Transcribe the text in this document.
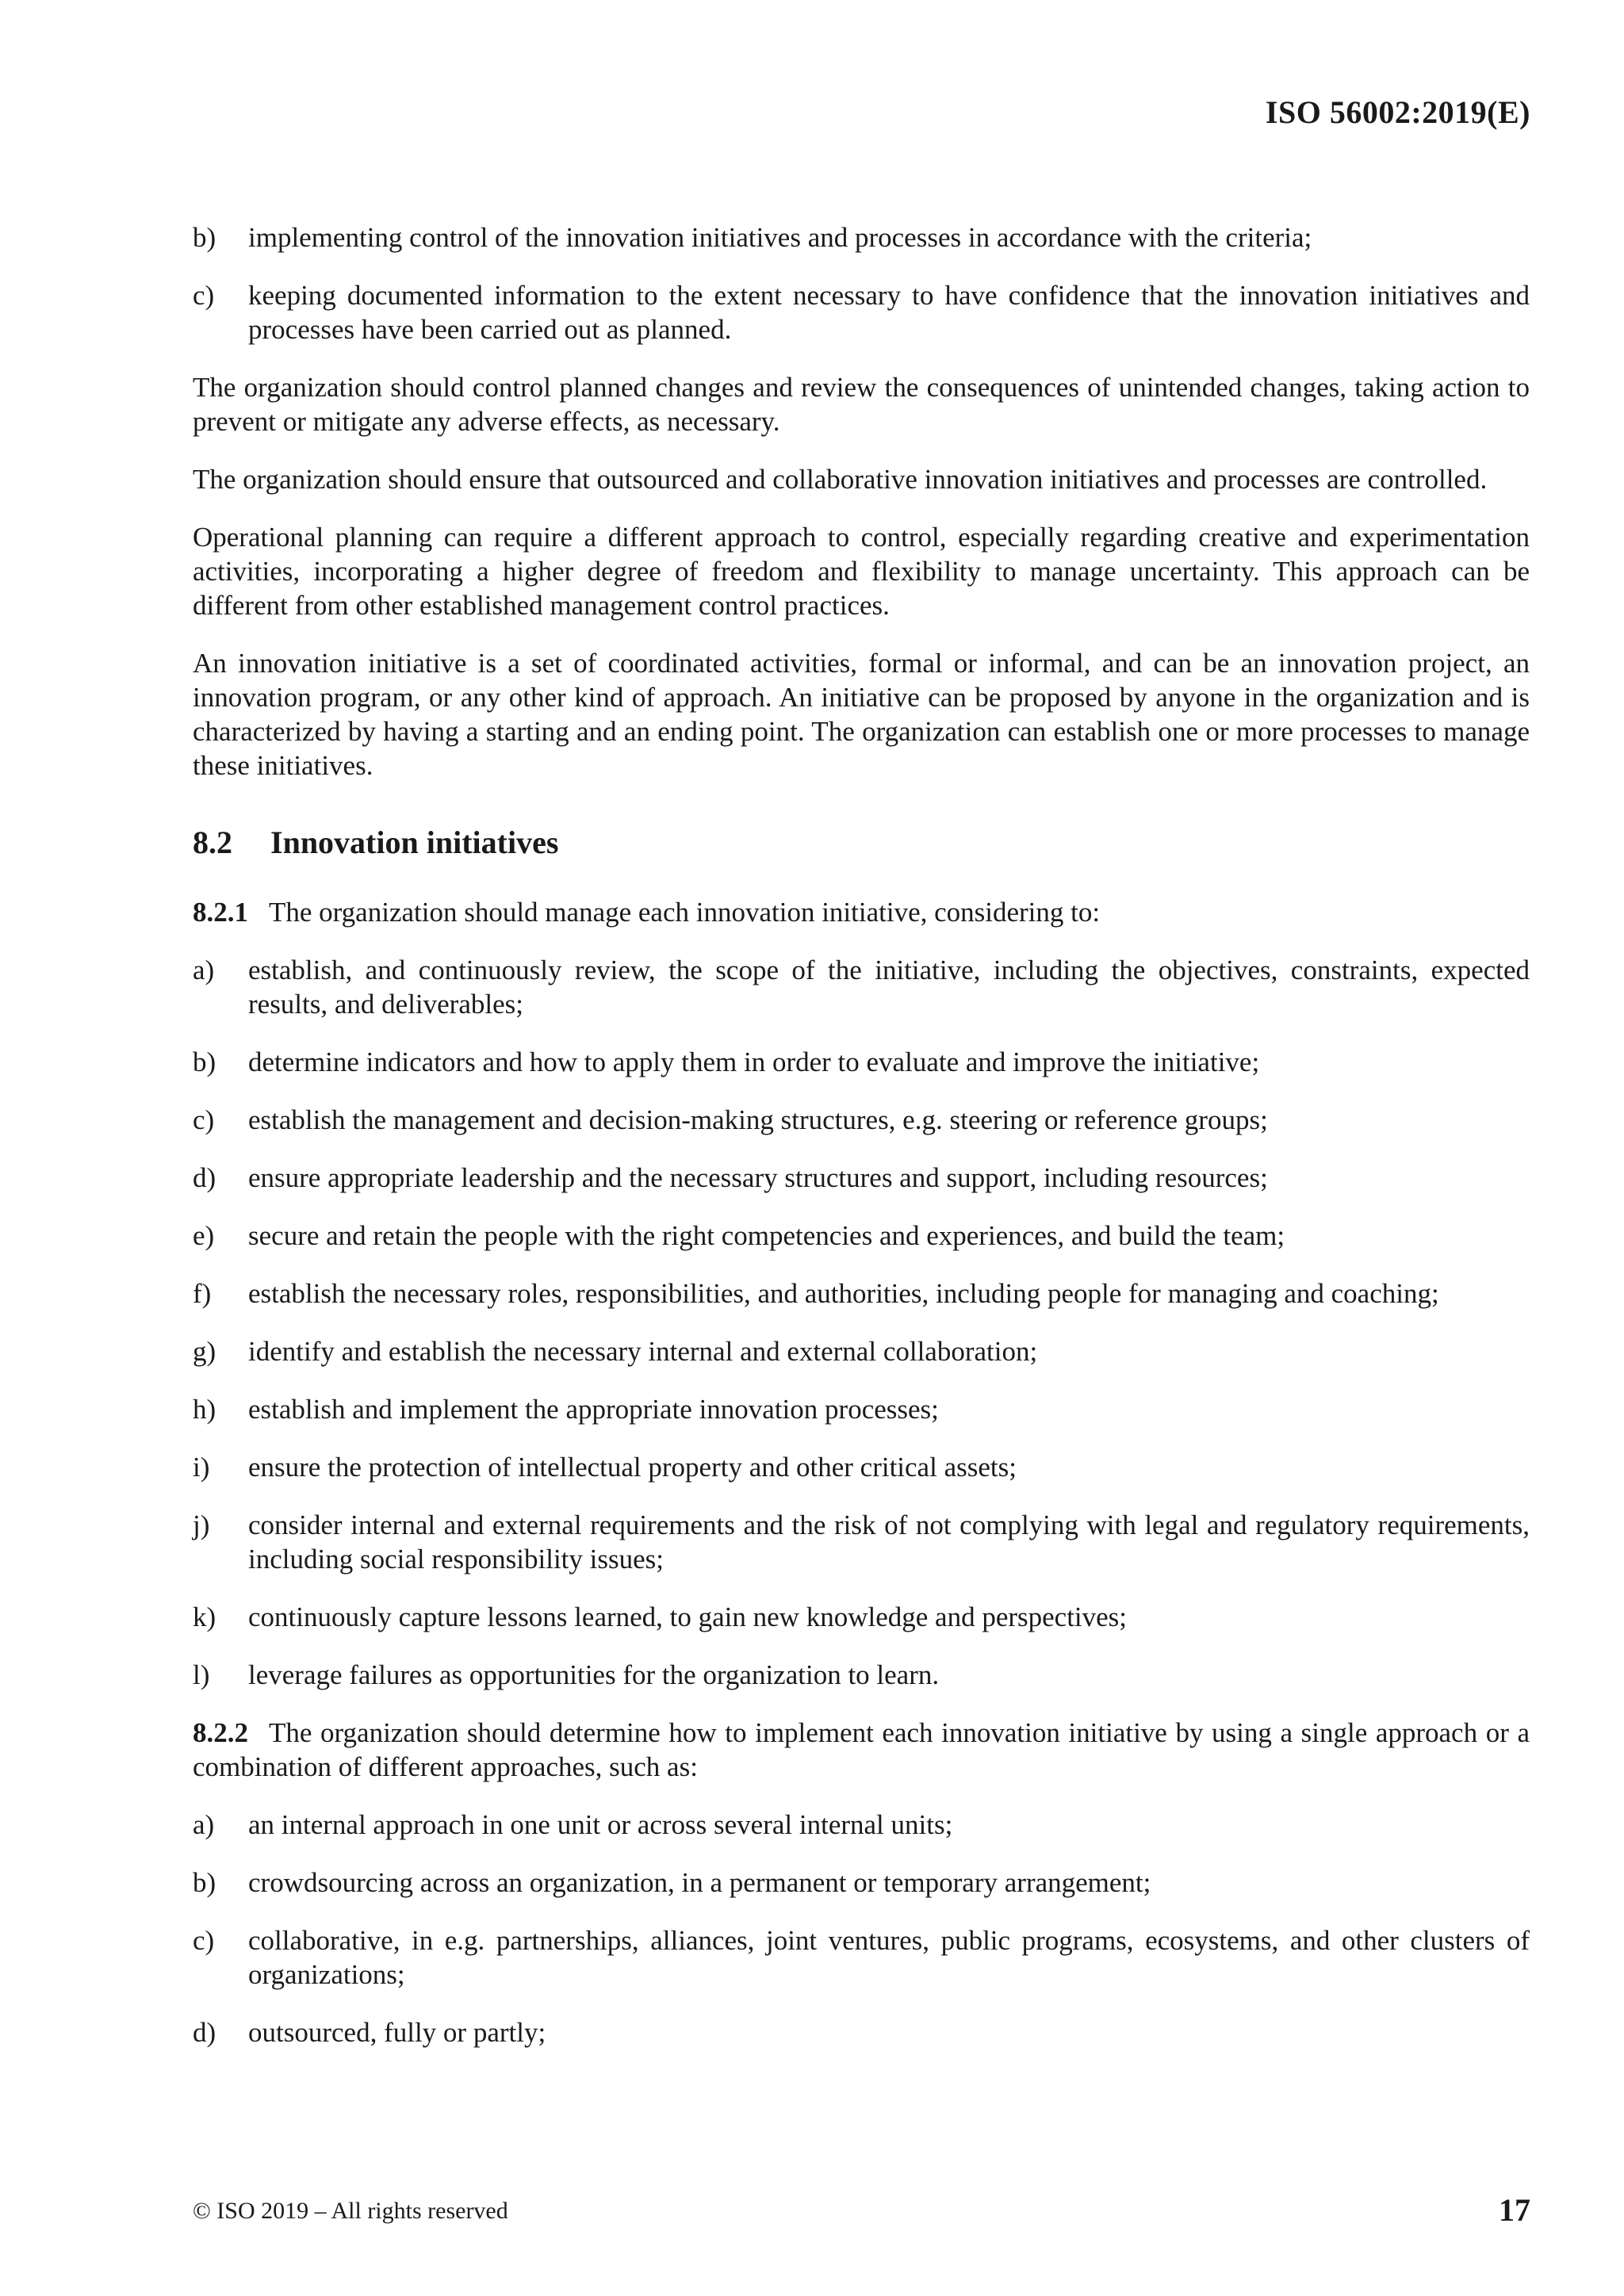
ISO 56002:2019(E)
b)	implementing control of the innovation initiatives and processes in accordance with the criteria;
c)	keeping documented information to the extent necessary to have confidence that the innovation initiatives and processes have been carried out as planned.

The organization should control planned changes and review the consequences of unintended changes, taking action to prevent or mitigate any adverse effects, as necessary.

The organization should ensure that outsourced and collaborative innovation initiatives and processes are controlled.

Operational planning can require a different approach to control, especially regarding creative and experimentation activities, incorporating a higher degree of freedom and flexibility to manage uncertainty. This approach can be different from other established management control practices.

An innovation initiative is a set of coordinated activities, formal or informal, and can be an innovation project, an innovation program, or any other kind of approach. An initiative can be proposed by anyone in the organization and is characterized by having a starting and an ending point. The organization can establish one or more processes to manage these initiatives.

8.2	Innovation initiatives

8.2.1 The organization should manage each innovation initiative, considering to:

a)	establish, and continuously review, the scope of the initiative, including the objectives, constraints, expected results, and deliverables;
b)	determine indicators and how to apply them in order to evaluate and improve the initiative;
c)	establish the management and decision-making structures, e.g. steering or reference groups;
d)	ensure appropriate leadership and the necessary structures and support, including resources;
e)	secure and retain the people with the right competencies and experiences, and build the team;
f)	establish the necessary roles, responsibilities, and authorities, including people for managing and coaching;
g)	identify and establish the necessary internal and external collaboration;
h)	establish and implement the appropriate innovation processes;
i)	ensure the protection of intellectual property and other critical assets;
j)	consider internal and external requirements and the risk of not complying with legal and regulatory requirements, including social responsibility issues;
k)	continuously capture lessons learned, to gain new knowledge and perspectives;
l)	leverage failures as opportunities for the organization to learn.

8.2.2 The organization should determine how to implement each innovation initiative by using a single approach or a combination of different approaches, such as:

a)	an internal approach in one unit or across several internal units;
b)	crowdsourcing across an organization, in a permanent or temporary arrangement;
c)	collaborative, in e.g. partnerships, alliances, joint ventures, public programs, ecosystems, and other clusters of organizations;
d)	outsourced, fully or partly;
© ISO 2019 – All rights reserved	17
